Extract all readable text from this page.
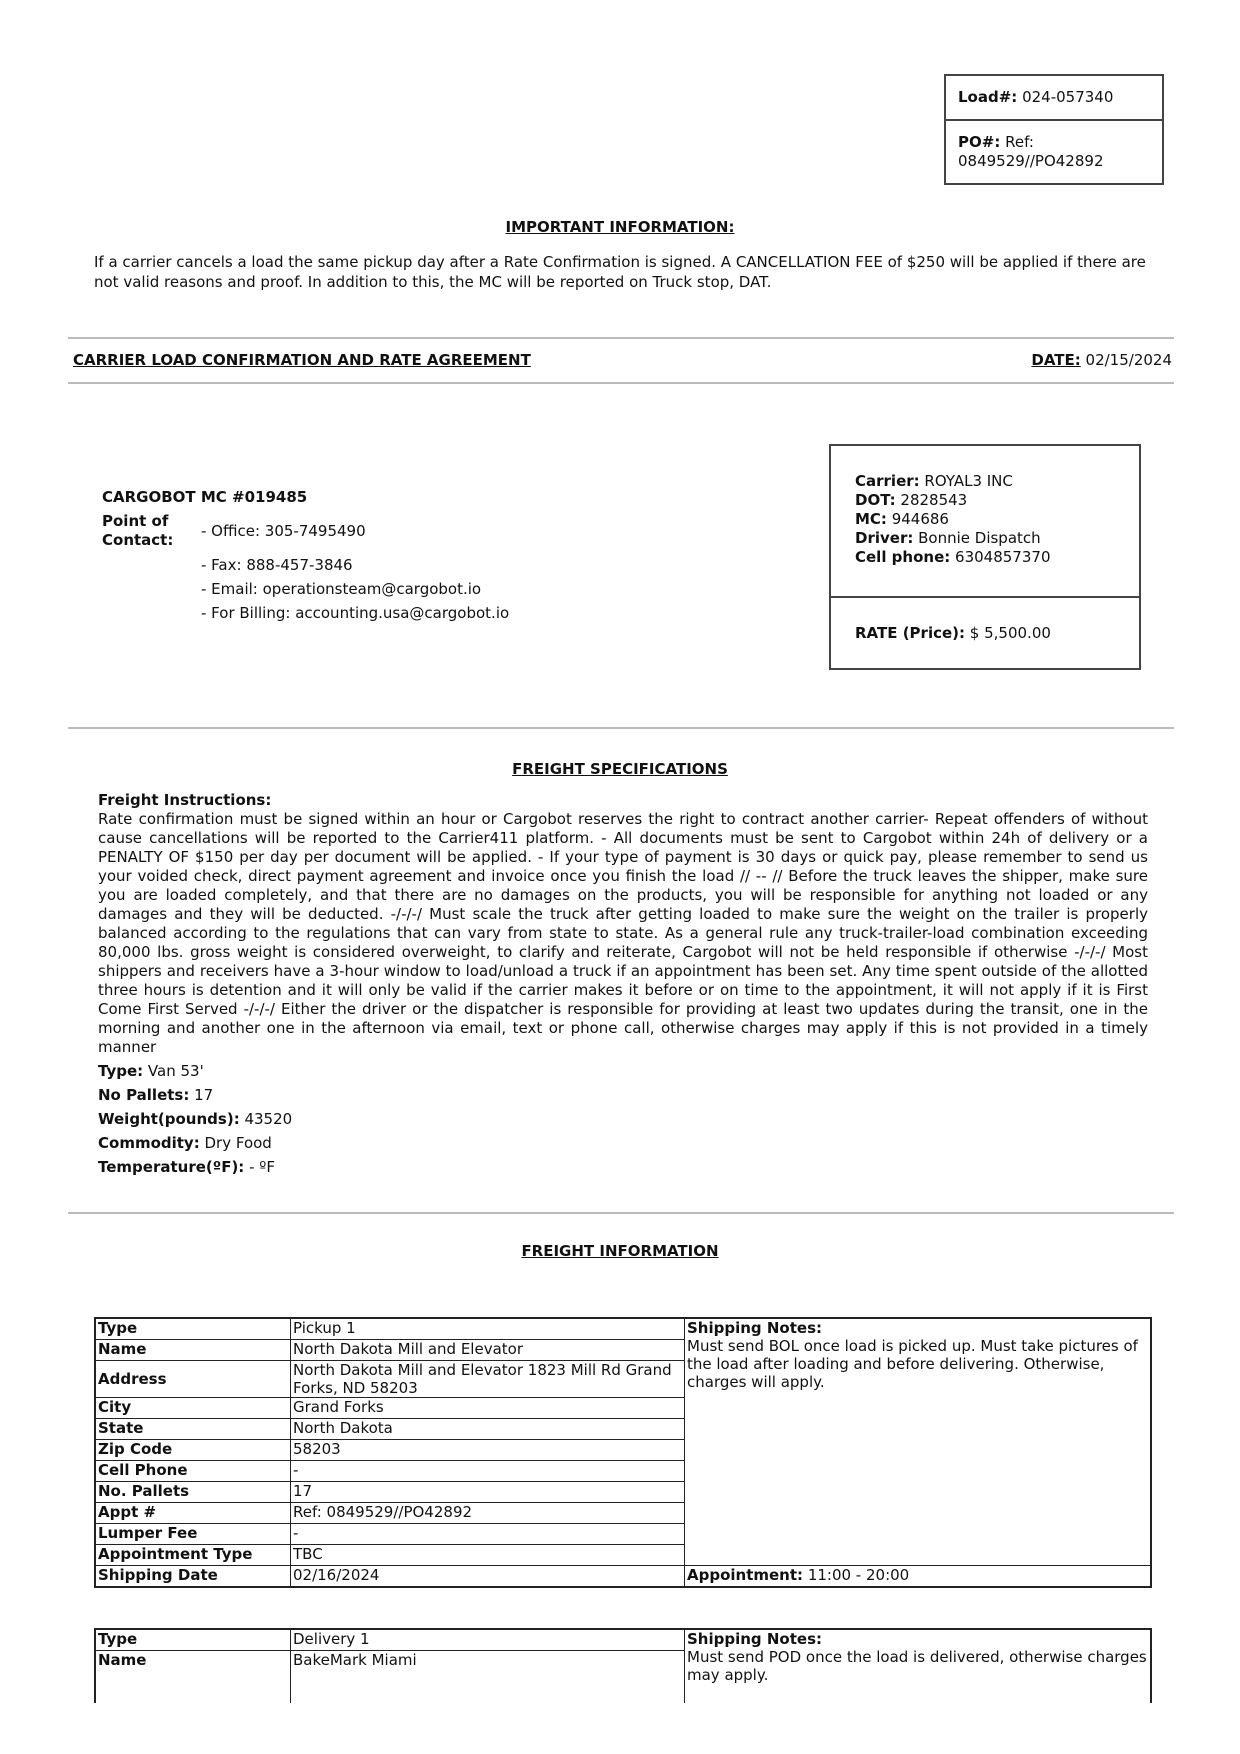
Load#: 024-057340
PO#: Ref:
0849529//PO42892
IMPORTANT INFORMATION:
If a carrier cancels a load the same pickup day after a Rate Confirmation is signed. A CANCELLATION FEE of $250 will be applied if there are
not valid reasons and proof. In addition to this, the MC will be reported on Truck stop, DAT.
CARRIER LOAD CONFIRMATION AND RATE AGREEMENT	DATE: 02/15/2024
CARGOBOT MC #019485
Point of Contact:	- Office: 305-7495490
- Fax: 888-457-3846
- Email: operationsteam@cargobot.io
- For Billing: accounting.usa@cargobot.io
Carrier: ROYAL3 INC
DOT: 2828543
MC: 944686
Driver: Bonnie Dispatch
Cell phone: 6304857370
RATE (Price): $ 5,500.00
FREIGHT SPECIFICATIONS
Freight Instructions:
Rate confirmation must be signed within an hour or Cargobot reserves the right to contract another carrier- Repeat offenders of without cause cancellations will be reported to the Carrier411 platform. - All documents must be sent to Cargobot within 24h of delivery or a PENALTY OF $150 per day per document will be applied. - If your type of payment is 30 days or quick pay, please remember to send us your voided check, direct payment agreement and invoice once you finish the load // -- // Before the truck leaves the shipper, make sure you are loaded completely, and that there are no damages on the products, you will be responsible for anything not loaded or any damages and they will be deducted. -/-/-/ Must scale the truck after getting loaded to make sure the weight on the trailer is properly balanced according to the regulations that can vary from state to state. As a general rule any truck-trailer-load combination exceeding 80,000 lbs. gross weight is considered overweight, to clarify and reiterate, Cargobot will not be held responsible if otherwise -/-/-/ Most shippers and receivers have a 3-hour window to load/unload a truck if an appointment has been set. Any time spent outside of the allotted three hours is detention and it will only be valid if the carrier makes it before or on time to the appointment, it will not apply if it is First Come First Served -/-/-/ Either the driver or the dispatcher is responsible for providing at least two updates during the transit, one in the morning and another one in the afternoon via email, text or phone call, otherwise charges may apply if this is not provided in a timely manner
Type: Van 53'
No Pallets: 17
Weight(pounds): 43520
Commodity: Dry Food
Temperature(ºF): - ºF
FREIGHT INFORMATION
Type	Pickup 1	Shipping Notes:
Must send BOL once load is picked up. Must take pictures of the load after loading and before delivering. Otherwise, charges will apply.
Name	North Dakota Mill and Elevator	
Address	North Dakota Mill and Elevator 1823 Mill Rd Grand Forks, ND 58203	
City	Grand Forks	
State	North Dakota	
Zip Code	58203	
Cell Phone	-	
No. Pallets	17	
Appt #	Ref: 0849529//PO42892	
Lumper Fee	-	
Appointment Type	TBC	
Shipping Date	02/16/2024	Appointment: 11:00 - 20:00
Type	Delivery 1	Shipping Notes:
Must send POD once the load is delivered, otherwise charges may apply.
Name	BakeMark Miami	
